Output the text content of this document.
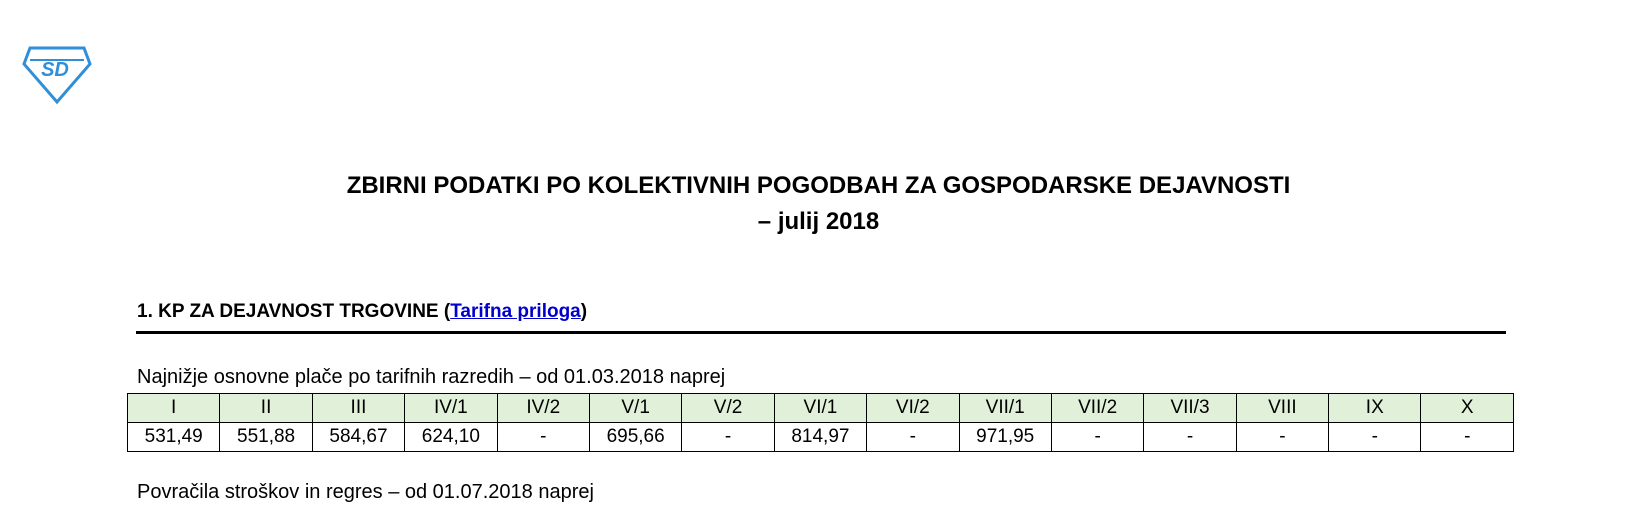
SD
ZBIRNI PODATKI PO KOLEKTIVNIH POGODBAH ZA GOSPODARSKE DEJAVNOSTI
– julij 2018
1. KP ZA DEJAVNOST TRGOVINE (Tarifna priloga)
Najnižje osnovne plače po tarifnih razredih – od 01.03.2018 naprej
I	II	III	IV/1	IV/2	V/1	V/2	VI/1	VI/2	VII/1	VII/2	VII/3	VIII	IX	X
531,49	551,88	584,67	624,10	-	695,66	-	814,97	-	971,95	-	-	-	-	-
Povračila stroškov in regres – od 01.07.2018 naprej
